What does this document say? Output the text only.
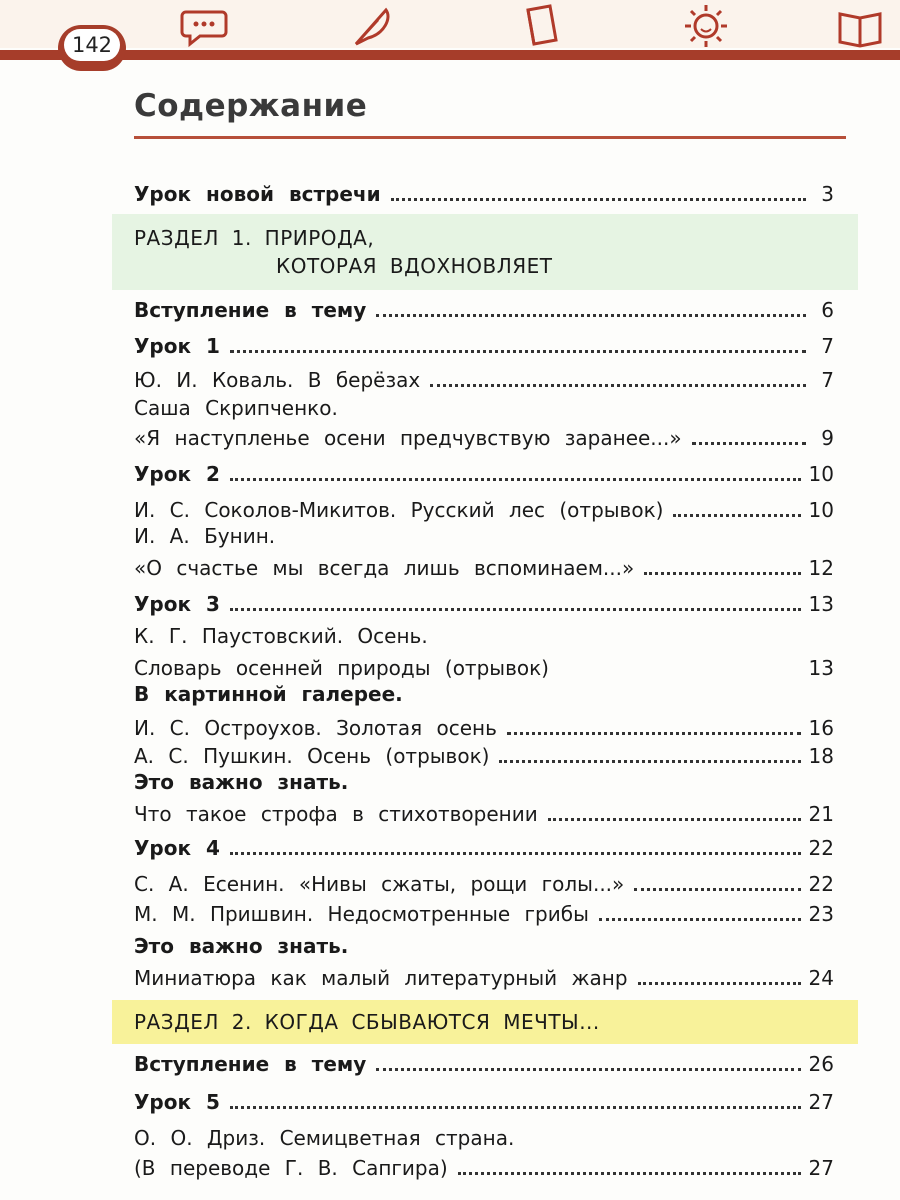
142
Содержание
Урок новой встречи	3
РАЗДЕЛ 1. ПРИРОДА,
КОТОРАЯ ВДОХНОВЛЯЕТ
Вступление в тему	6
Урок 1	7
Ю. И. Коваль. В берёзах	7
Саша Скрипченко.
«Я наступленье осени предчувствую заранее...»	9
Урок 2	10
И. С. Соколов-Микитов. Русский лес (отрывок)	10
И. А. Бунин.
«О счастье мы всегда лишь вспоминаем...»	12
Урок 3	13
К. Г. Паустовский. Осень.
Словарь осенней природы (отрывок)	13
В картинной галерее.
И. С. Остроухов. Золотая осень	16
А. С. Пушкин. Осень (отрывок)	18
Это важно знать.
Что такое строфа в стихотворении	21
Урок 4	22
С. А. Есенин. «Нивы сжаты, рощи голы...»	22
М. М. Пришвин. Недосмотренные грибы	23
Это важно знать.
Миниатюра как малый литературный жанр	24
РАЗДЕЛ 2. КОГДА СБЫВАЮТСЯ МЕЧТЫ...
Вступление в тему	26
Урок 5	27
О. О. Дриз. Семицветная страна.
(В переводе Г. В. Сапгира)	27
